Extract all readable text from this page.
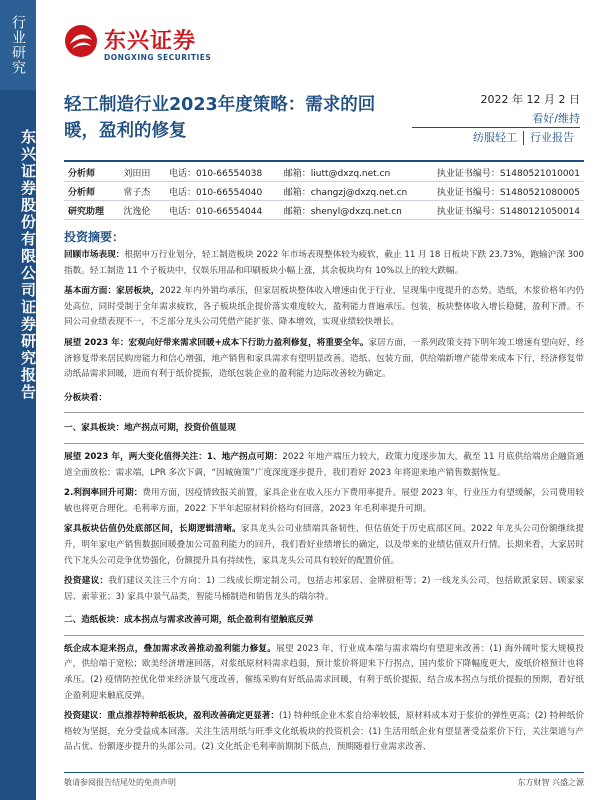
行业研究
东兴证券股份有限公司证券研究报告
东兴证券
DONGXING SECURITIES
轻工制造行业2023年度策略：需求的回暖，盈利的修复
2022 年 12 月 2 日
看好/维持
纺服轻工	行业报告
分析师	刘田田	电话：010-66554038	邮箱：liutt@dxzq.net.cn	执业证书编号：S1480521010001
分析师	常子杰	电话：010-66554040	邮箱：changzj@dxzq.net.cn	执业证书编号：S1480521080005
研究助理	沈逸伦	电话：010-66554044	邮箱：shenyl@dxzq.net.cn	执业证书编号：S1480121050014
投资摘要：

回顾市场表现：根据申万行业划分，轻工制造板块 2022 年市场表现整体较为疲软，截止 11 月 18 日板块下跌 23.73%，跑输沪深 300 指数。轻工制造 11 个子板块中，仅娱乐用品和印刷板块小幅上涨，其余板块均有 10%以上的较大跌幅。

基本面方面：家居板块，2022 年内外销均承压，但家居板块整体收入增速由优于行业，呈现集中度提升的态势。造纸，木浆价格年内仍处高位，同时受制于全年需求疲软，各子板块纸企提价落实难度较大，盈利能力普遍承压。包装，板块整体收入增长稳健，盈利下滑。不同公司业绩表现不一，不乏部分龙头公司凭借产能扩张、降本增效，实现业绩较快增长。

展望 2023 年：宏观向好带来需求回暖+成本下行助力盈利修复，将重要全年。家居方面，一系列政策支持下明年竣工增速有望向好，经济修复带来居民购房能力和信心增强，地产销售和家具需求有望明显改善。造纸、包装方面，供给端新增产能带来成本下行，经济修复带动纸品需求回暖，进而有利于纸价提振，造纸包装企业的盈利能力边际改善较为确定。

分板块看：
一、家具板块：地产拐点可期，投资价值显现

展望 2023 年，两大变化值得关注：1、地产拐点可期：2022 年地产端压力较大，政策力度逐步加大，截至 11 月底供给端房企融资通道全面放松：需求端，LPR 多次下调，“因城施策”广度深度逐步提升，我们看好 2023 年将迎来地产销售数据恢复。

2.利润率回升可期：费用方面，因疫情致报关前置，家具企业在收入压力下费用率提升。展望 2023 年，行业压力有望缓解，公司费用较敏也将更合理化。毛利率方面，2022 下半年起原材料价格均有回落，2023 年毛利率提升可期。

家具板块估值仍处底部区间，长期逻辑清晰。家具龙头公司业绩端具备韧性，但估值处于历史底部区间。2022 年龙头公司份额继续提升，明年家电产销售数据回暖叠加公司盈利能力的回升，我们看好业绩增长的确定，以及带来的业绩估值双升行情。长期来看，大家居时代下龙头公司竞争优势强化，份额提升具有持续性，家具龙头公司具有较好的配置价值。

投资建议：我们建议关注三个方向：1) 二线成长期定制公司，包括志邦家居、金牌厨柜等；2) 一线龙头公司，包括欧派家居、顾家家居、索菲亚；3) 家具中景气品类，智能马桶制造和销售龙头的瑞尔特。

二、造纸板块：成本拐点与需求改善可期，纸企盈利有望触底反弹

纸企成本迎来拐点，叠加需求改善推动盈利能力修复。展望 2023 年，行业成本端与需求端均有望迎来改善：(1) 海外阔叶浆大规模投产，供给端于宽松；欧美经济增速回落，对浆纸原材料需求趋弱，预计浆价将迎来下行拐点，国内浆价下降幅度更大，废纸价格预计也将承压。(2) 疫情防控优化带来经济景气度改善，催练采购有好纸品需求回暖，有利于纸价提振，结合成本拐点与纸价提振的预期，看好纸企盈利迎来触底反弹。

投资建议：重点推荐特种纸板块，盈利改善确定更显著：(1) 特种纸企业木浆自给率较低，原材料成本对于浆价的弹性更高；(2) 特种纸价格较为坚挺，充分受益成本回落。关注生活用纸与旺季文化纸板块的投资机会：(1) 生活用纸企业有望显著受益浆价下行，关注渠道与产品占优、份额逐步提升的头部公司。(2) 文化纸企毛利率前期制下低点，预期随着行业需求改善、

敬请参阅报告结尾处的免责声明	东方财智 兴盛之源
